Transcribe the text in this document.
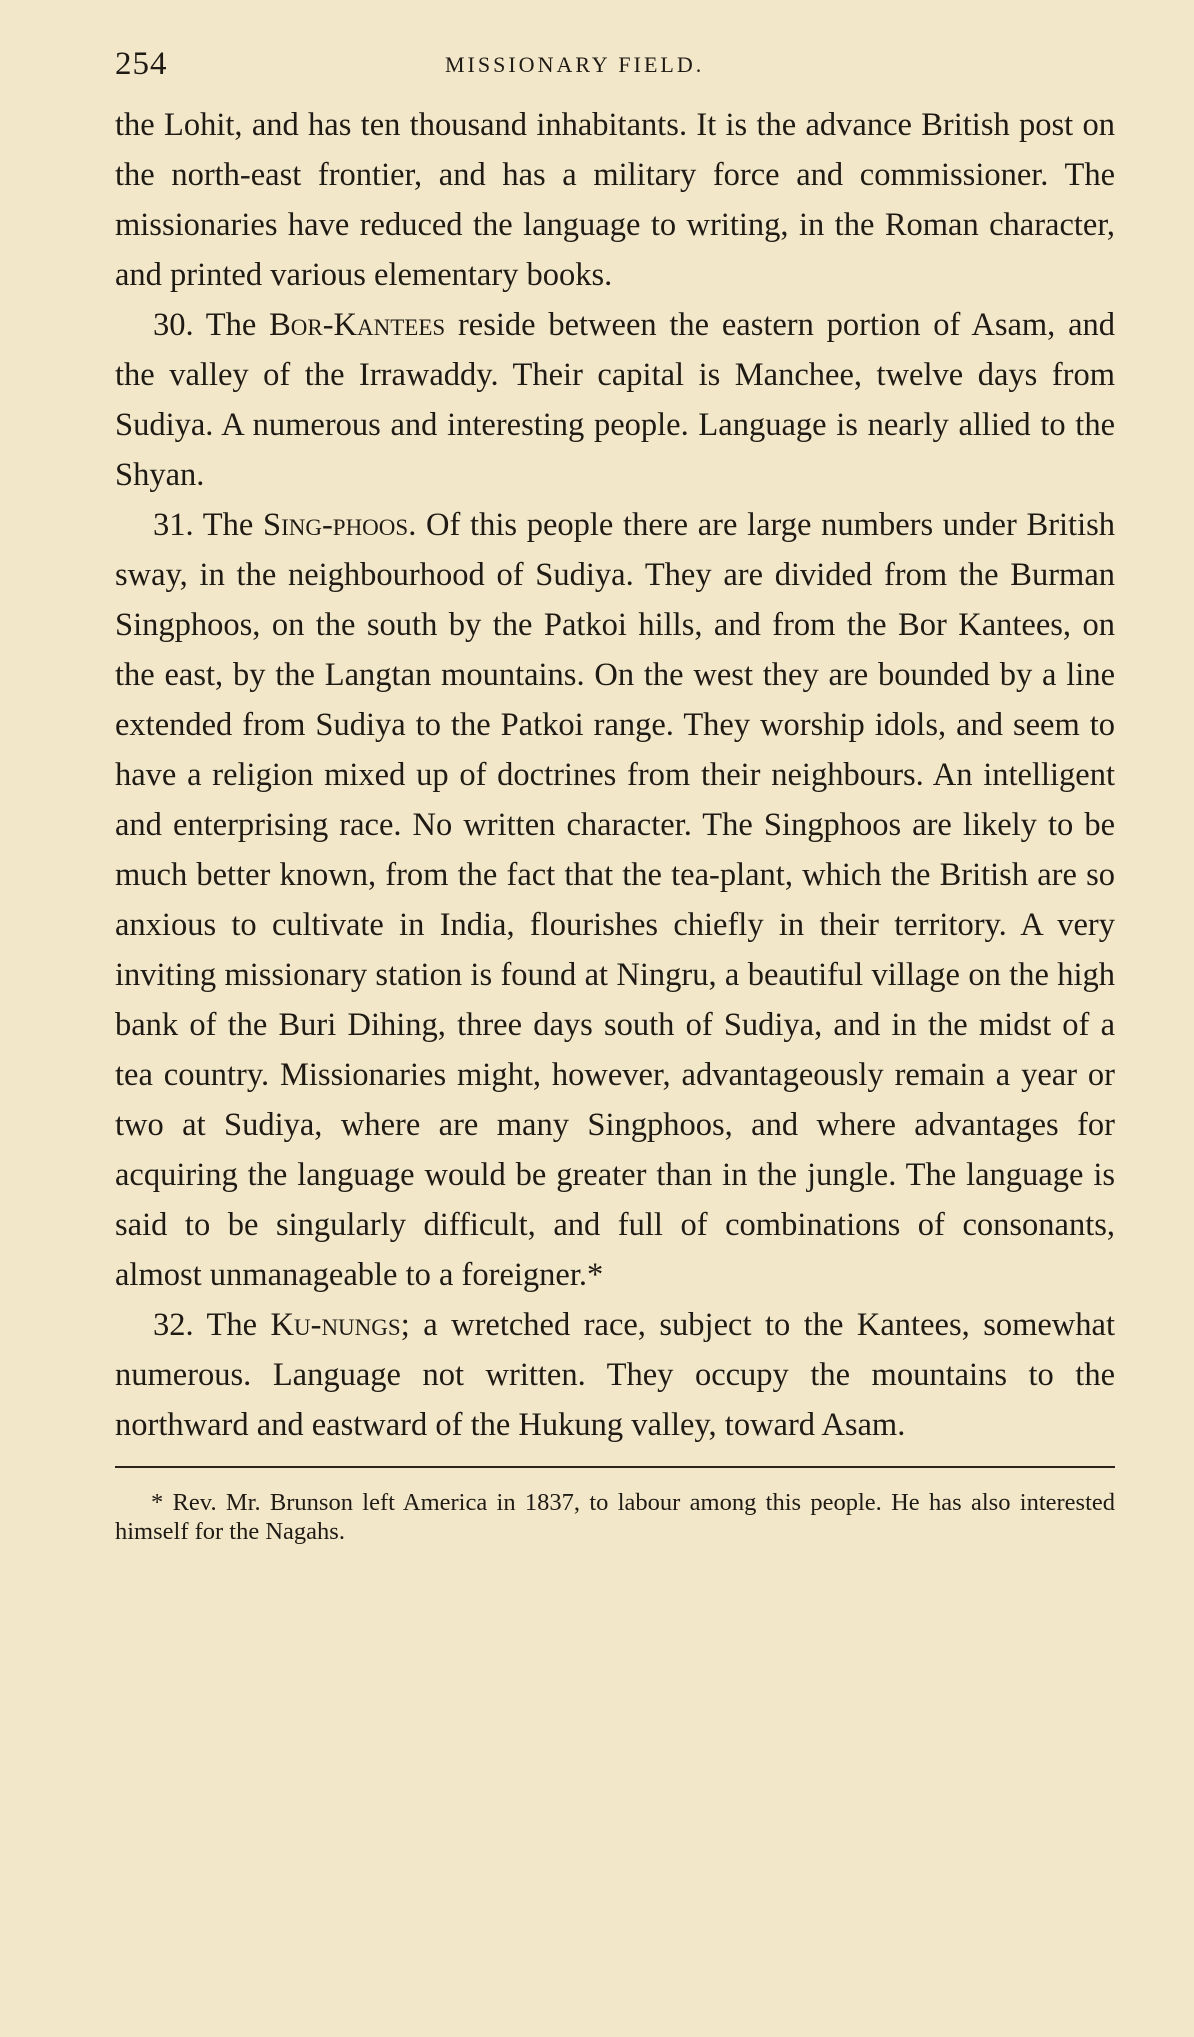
254	MISSIONARY FIELD.

the Lohit, and has ten thousand inhabitants. It is the advance British post on the north-east frontier, and has a military force and commissioner. The missionaries have reduced the language to writing, in the Roman character, and printed various elementary books.

30. The Bor-Kantees reside between the eastern portion of Asam, and the valley of the Irrawaddy. Their capital is Manchee, twelve days from Sudiya. A numerous and interesting people. Language is nearly allied to the Shyan.

31. The Sing-phoos. Of this people there are large numbers under British sway, in the neighbourhood of Sudiya. They are divided from the Burman Singphoos, on the south by the Patkoi hills, and from the Bor Kantees, on the east, by the Langtan mountains. On the west they are bounded by a line extended from Sudiya to the Patkoi range. They worship idols, and seem to have a religion mixed up of doctrines from their neighbours. An intelligent and enterprising race. No written character. The Singphoos are likely to be much better known, from the fact that the tea-plant, which the British are so anxious to cultivate in India, flourishes chiefly in their territory. A very inviting missionary station is found at Ningru, a beautiful village on the high bank of the Buri Dihing, three days south of Sudiya, and in the midst of a tea country. Missionaries might, however, advantageously remain a year or two at Sudiya, where are many Singphoos, and where advantages for acquiring the language would be greater than in the jungle. The language is said to be singularly difficult, and full of combinations of consonants, almost unmanageable to a foreigner.*

32. The Ku-nungs; a wretched race, subject to the Kantees, somewhat numerous. Language not written. They occupy the mountains to the northward and eastward of the Hukung valley, toward Asam.

* Rev. Mr. Brunson left America in 1837, to labour among this people. He has also interested himself for the Nagahs.
